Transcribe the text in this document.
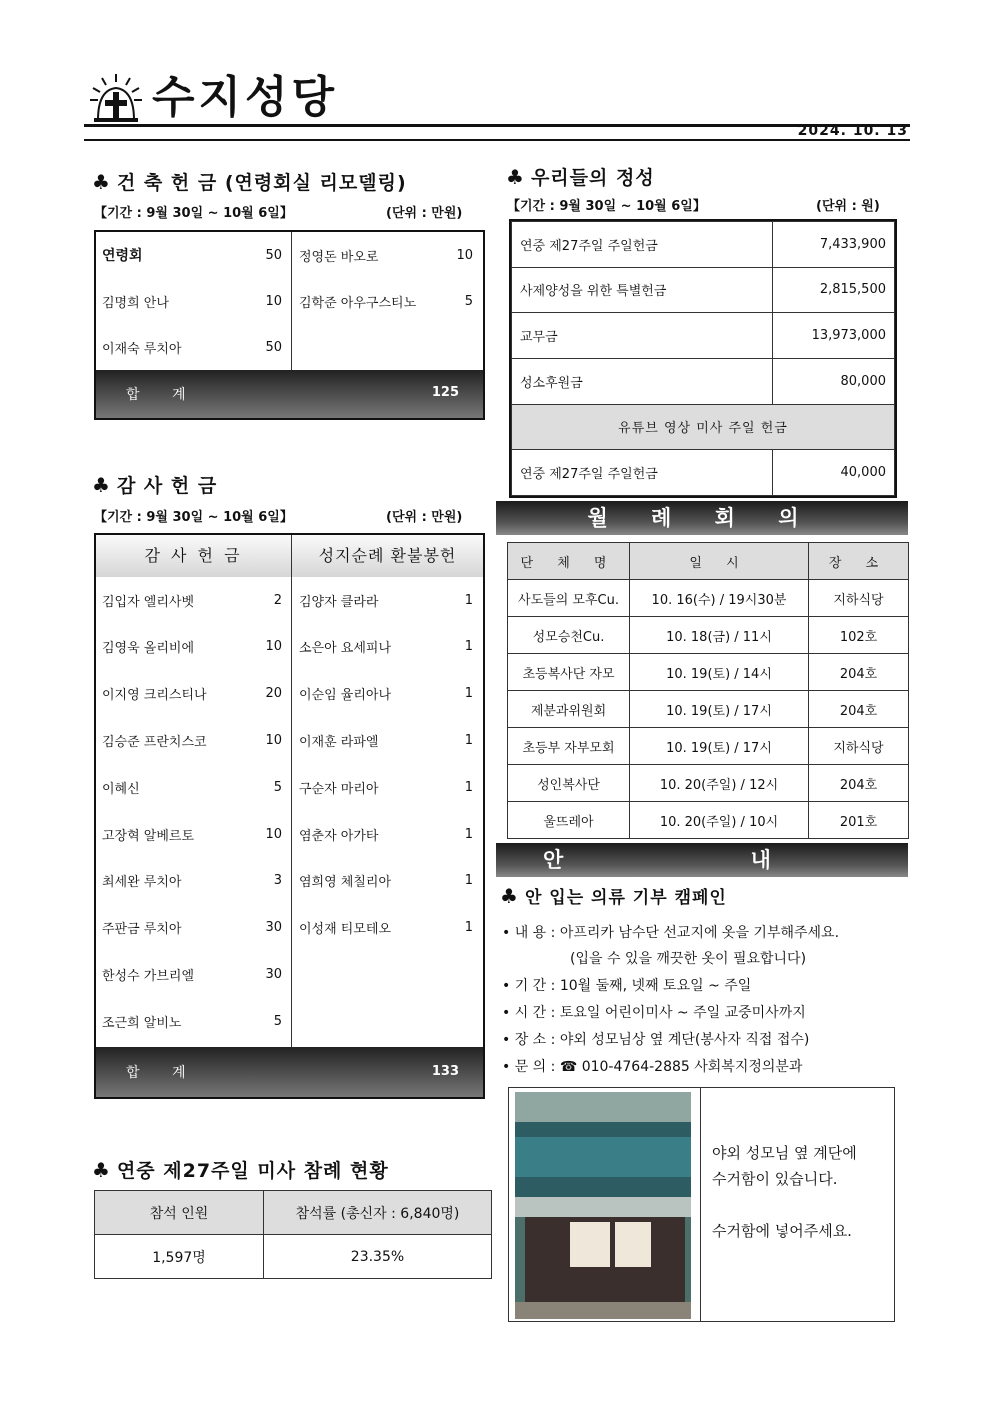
수지성당
2024. 10. 13
♣ 건 축 헌 금 (연령회실 리모델링)
【기간 : 9월 30일 ~ 10월 6일】	(단위 : 만원)
연령회	50
김명희 안나	10
이재숙 루치아	50
정영돈 바오로	10
김학준 아우구스티노	5
합 계	125
♣ 감 사 헌 금
【기간 : 9월 30일 ~ 10월 6일】	(단위 : 만원)
감 사 헌 금	성지순례 환불봉헌
합 계	133
김입자 엘리사벳	2
김영욱 올리비에	10
이지영 크리스티나	20
김승준 프란치스코	10
이혜신	5
고장혁 알베르토	10
최세완 루치아	3
주판금 루치아	30
한성수 가브리엘	30
조근희 알비노	5
김양자 클라라	1
소은아 요세피나	1
이순임 율리아나	1
이재훈 라파엘	1
구순자 마리아	1
염춘자 아가타	1
염희영 체칠리아	1
이성재 티모테오	1
♣ 연중 제27주일 미사 참례 현황
참석 인원	참석률 (총신자 : 6,840명)
1,597명	23.35%
♣ 우리들의 정성
【기간 : 9월 30일 ~ 10월 6일】	(단위 : 원)
연중 제27주일 주일헌금	7,433,900
사제양성을 위한 특별헌금	2,815,500
교무금	13,973,000
성소후원금	80,000
유튜브 영상 미사 주일 헌금	
연중 제27주일 주일헌금	40,000
월 례 회 의
단 체 명	일 시	장 소
사도들의 모후Cu.	10. 16(수) / 19시30분	지하식당
성모승천Cu.	10. 18(금) / 11시	102호
초등복사단 자모	10. 19(토) / 14시	204호
제분과위원회	10. 19(토) / 17시	204호
초등부 자부모회	10. 19(토) / 17시	지하식당
성인복사단	10. 20(주일) / 12시	204호
울뜨레아	10. 20(주일) / 10시	201호
안 내
♣ 안 입는 의류 기부 캠페인
• 내 용 : 아프리카 남수단 선교지에 옷을 기부해주세요.
(입을 수 있을 깨끗한 옷이 필요합니다)
• 기 간 : 10월 둘째, 넷째 토요일 ~ 주일
• 시 간 : 토요일 어린이미사 ~ 주일 교중미사까지
• 장 소 : 야외 성모님상 옆 계단(봉사자 직접 접수)
• 문 의 : ☎ 010-4764-2885 사회복지정의분과
야외 성모님 옆 계단에
수거함이 있습니다.
수거함에 넣어주세요.
